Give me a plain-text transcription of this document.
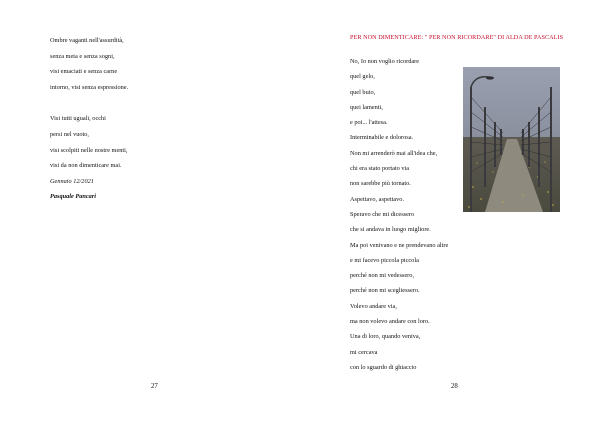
Ombre vaganti nell'assurdità,
senza meta e senza sogni,
visi emaciati e senza carne
intorno, visi senza espressione.
Visi tutti uguali, occhi
persi nel vuoto,
visi scolpiti nelle nostre menti,
visi da non dimenticare mai.
Gennaio 12/2021
Pasquale Pancari
27
PER NON DIMENTICARE: " PER NON RICORDARE" DI ALDA DE PASCALIS
No, Io non voglio ricordare
quel gelo,
quel buio,
quei lamenti,
e poi... l'attesa.
Interminabile e dolorosa.
Non mi arrenderò mai all'idea che,
chi era stato portato via
non sarebbe più tornato.
Aspettavo, aspettavo.
Speravo che mi dicessero
che si andava in luogo migliore.
Ma poi venivano e ne prendevano altre
e mi facevo piccola piccola
perché non mi vedessero,
perché non mi scegliessero.
Volevo andare via,
ma non volevo andare con loro.
Una di loro, quando veniva,
mi cercava
con lo sguardo di ghiaccio
28
